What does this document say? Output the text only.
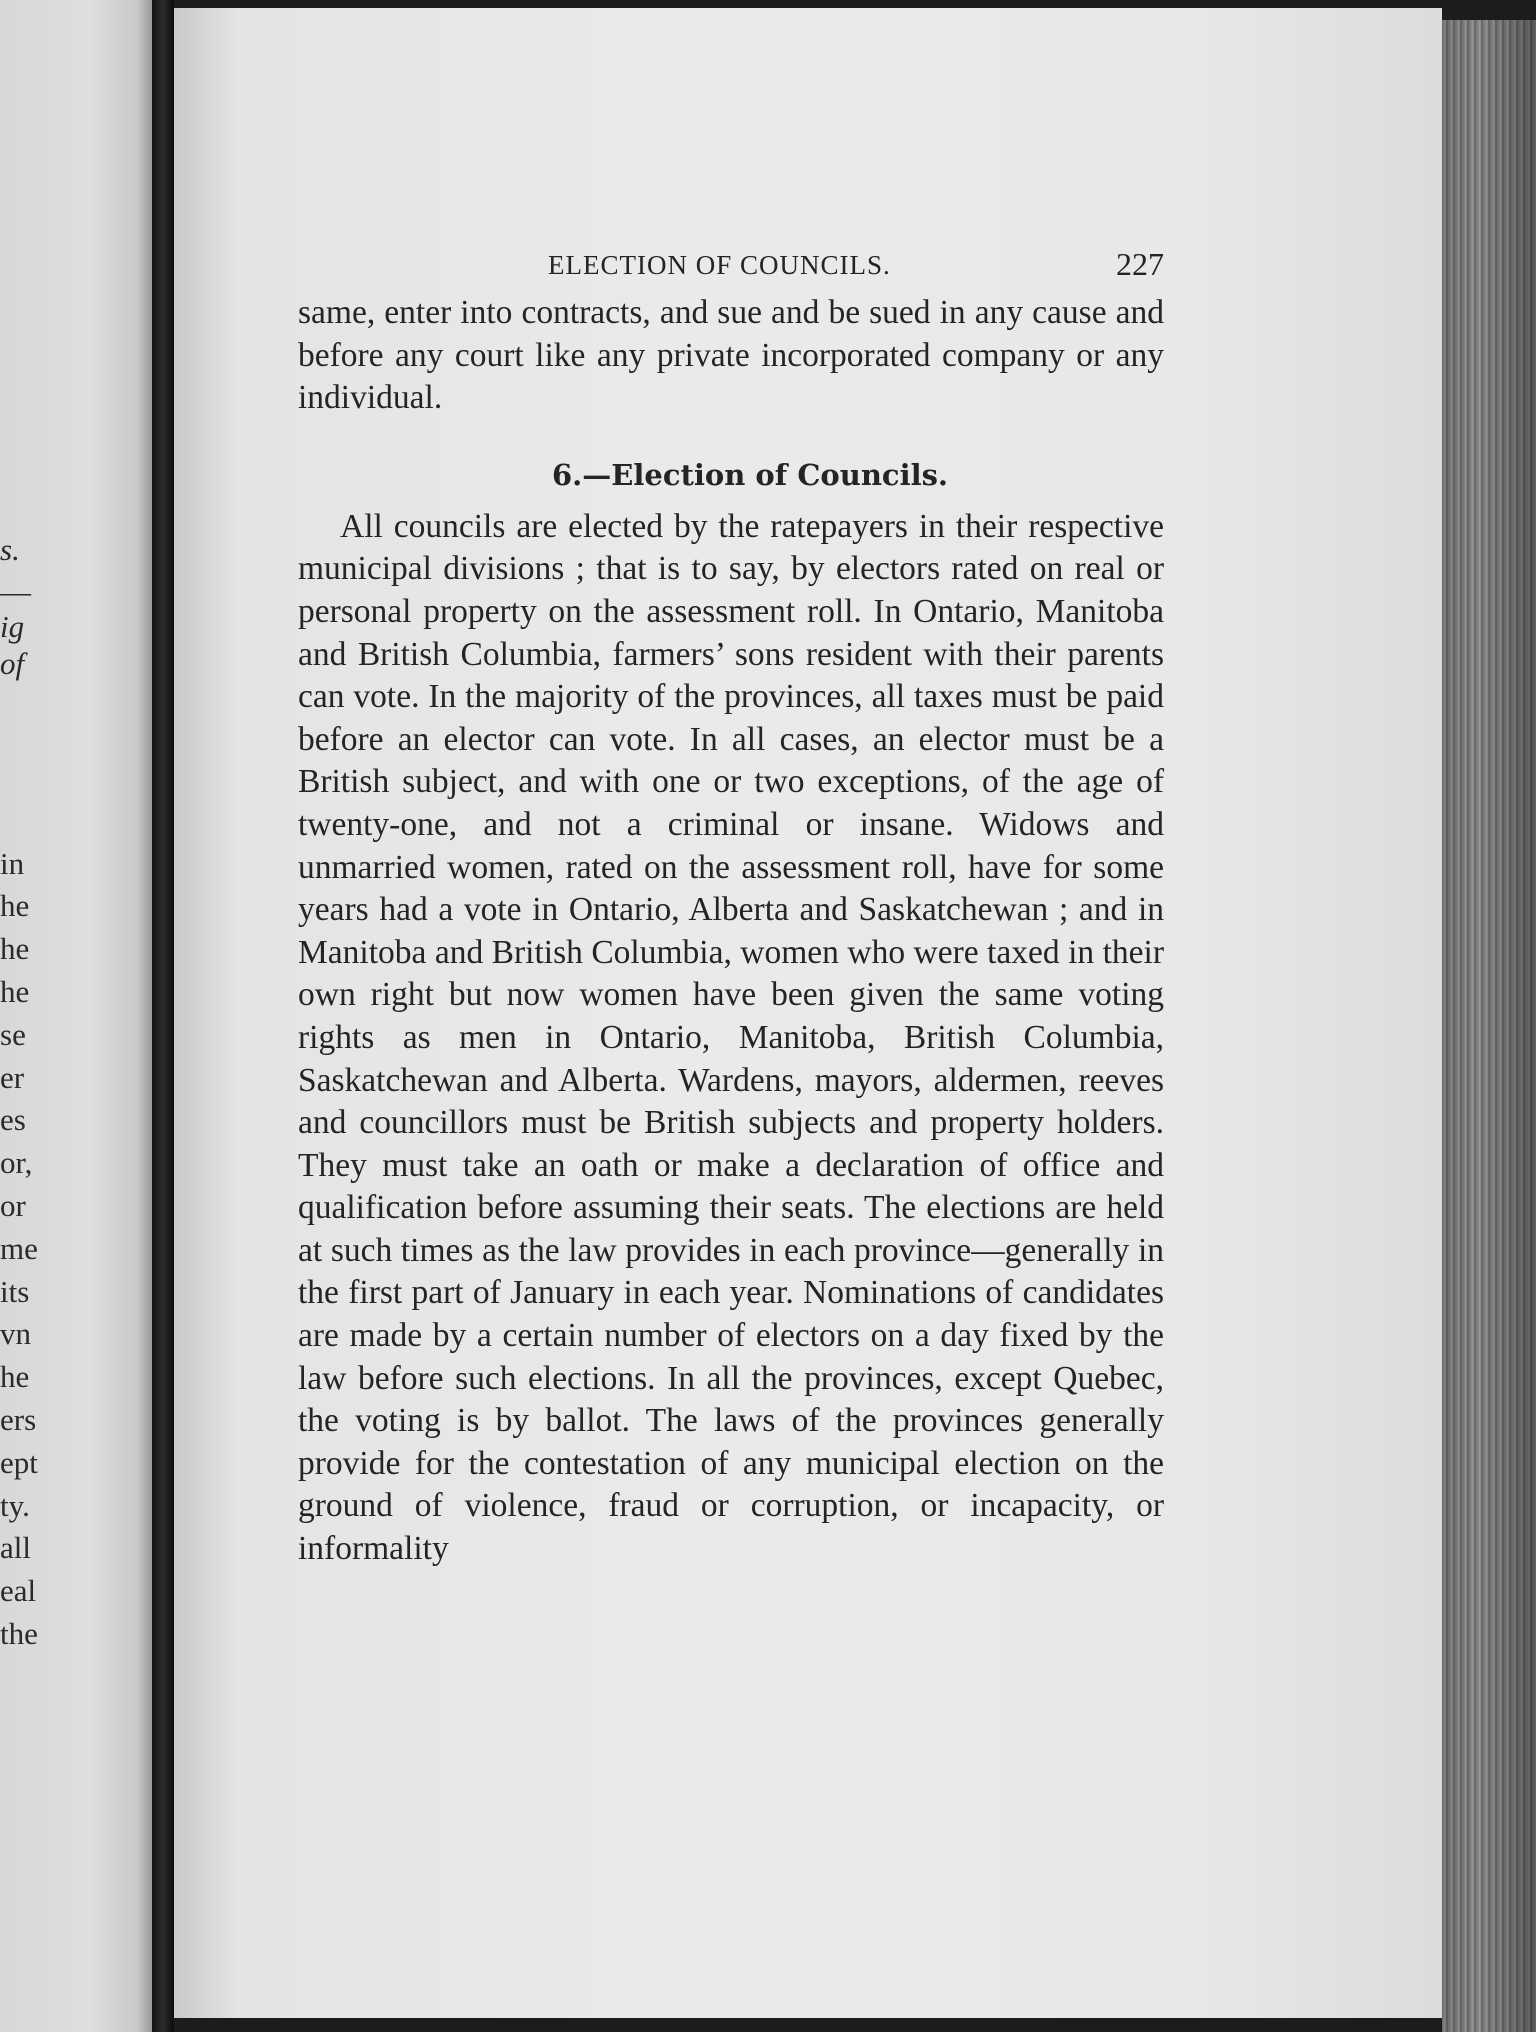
s.
—
ig
of
in
he
he
he
se
er
es
or,
or
me
its
vn
he
ers
ept
ty.
all
eal
the
ELECTION OF COUNCILS.	227

same, enter into contracts, and sue and be sued in any cause and before any court like any private incorporated company or any individual.

6.—Election of Councils.

All councils are elected by the ratepayers in their respective municipal divisions ; that is to say, by electors rated on real or personal property on the assessment roll. In Ontario, Manitoba and British Columbia, farmers’ sons resident with their parents can vote. In the majority of the provinces, all taxes must be paid before an elector can vote. In all cases, an elector must be a British subject, and with one or two exceptions, of the age of twenty-one, and not a criminal or insane. Widows and unmarried women, rated on the assessment roll, have for some years had a vote in Ontario, Alberta and Saskatchewan ; and in Manitoba and British Columbia, women who were taxed in their own right but now women have been given the same voting rights as men in Ontario, Manitoba, British Columbia, Saskatchewan and Alberta. Wardens, mayors, aldermen, reeves and councillors must be British subjects and property holders. They must take an oath or make a declaration of office and qualification before assuming their seats. The elections are held at such times as the law provides in each province—generally in the first part of January in each year. Nominations of candidates are made by a certain number of electors on a day fixed by the law before such elections. In all the provinces, except Quebec, the voting is by ballot. The laws of the provinces generally provide for the contestation of any municipal election on the ground of violence, fraud or corruption, or incapacity, or informality
